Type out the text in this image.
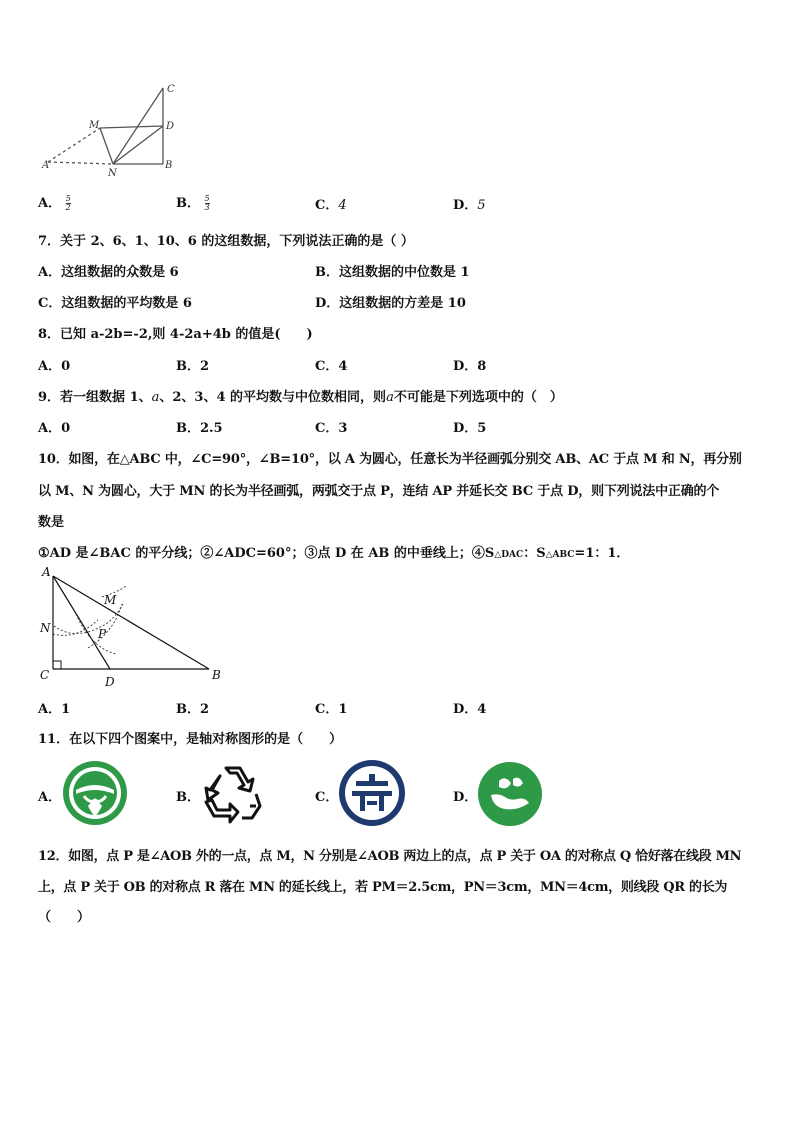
C
M	D
A
N
B
A． $\frac{5}{2}$	B． $\frac{5}{3}$	C．4	D．5
7．关于 2、6、1、10、6 的这组数据，下列说法正确的是（ ）
A．这组数据的众数是 6	B．这组数据的中位数是 1
C．这组数据的平均数是 6	D．这组数据的方差是 10
8．已知 a-2b=-2,则 4-2a+4b 的值是(　　)
A．0	B．2	C．4	D．8
9．若一组数据 1、a、2、3、4 的平均数与中位数相同，则a不可能是下列选项中的（　）
A．0	B．2.5	C．3	D．5
10．如图，在△ABC 中，∠C=90°，∠B=10°，以 A 为圆心，任意长为半径画弧分别交 AB、AC 于点 M 和 N，再分别
以 M、N 为圆心，大于 MN 的长为半径画弧，两弧交于点 P，连结 AP 并延长交 BC 于点 D，则下列说法中正确的个
数是
①AD 是∠BAC 的平分线；②∠ADC=60°；③点 D 在 AB 的中垂线上；④S△DAC：S△ABC=1：1．
A
M
N	P
C	D	B
A．1	B．2	C．1	D．4
11．在以下四个图案中，是轴对称图形的是（　　）
A．	B．	C．	D．
12．如图，点 P 是∠AOB 外的一点，点 M，N 分别是∠AOB 两边上的点，点 P 关于 OA 的对称点 Q 恰好落在线段 MN
上，点 P 关于 OB 的对称点 R 落在 MN 的延长线上，若 PM＝2.5cm，PN＝3cm，MN＝4cm，则线段 QR 的长为
（　　）
